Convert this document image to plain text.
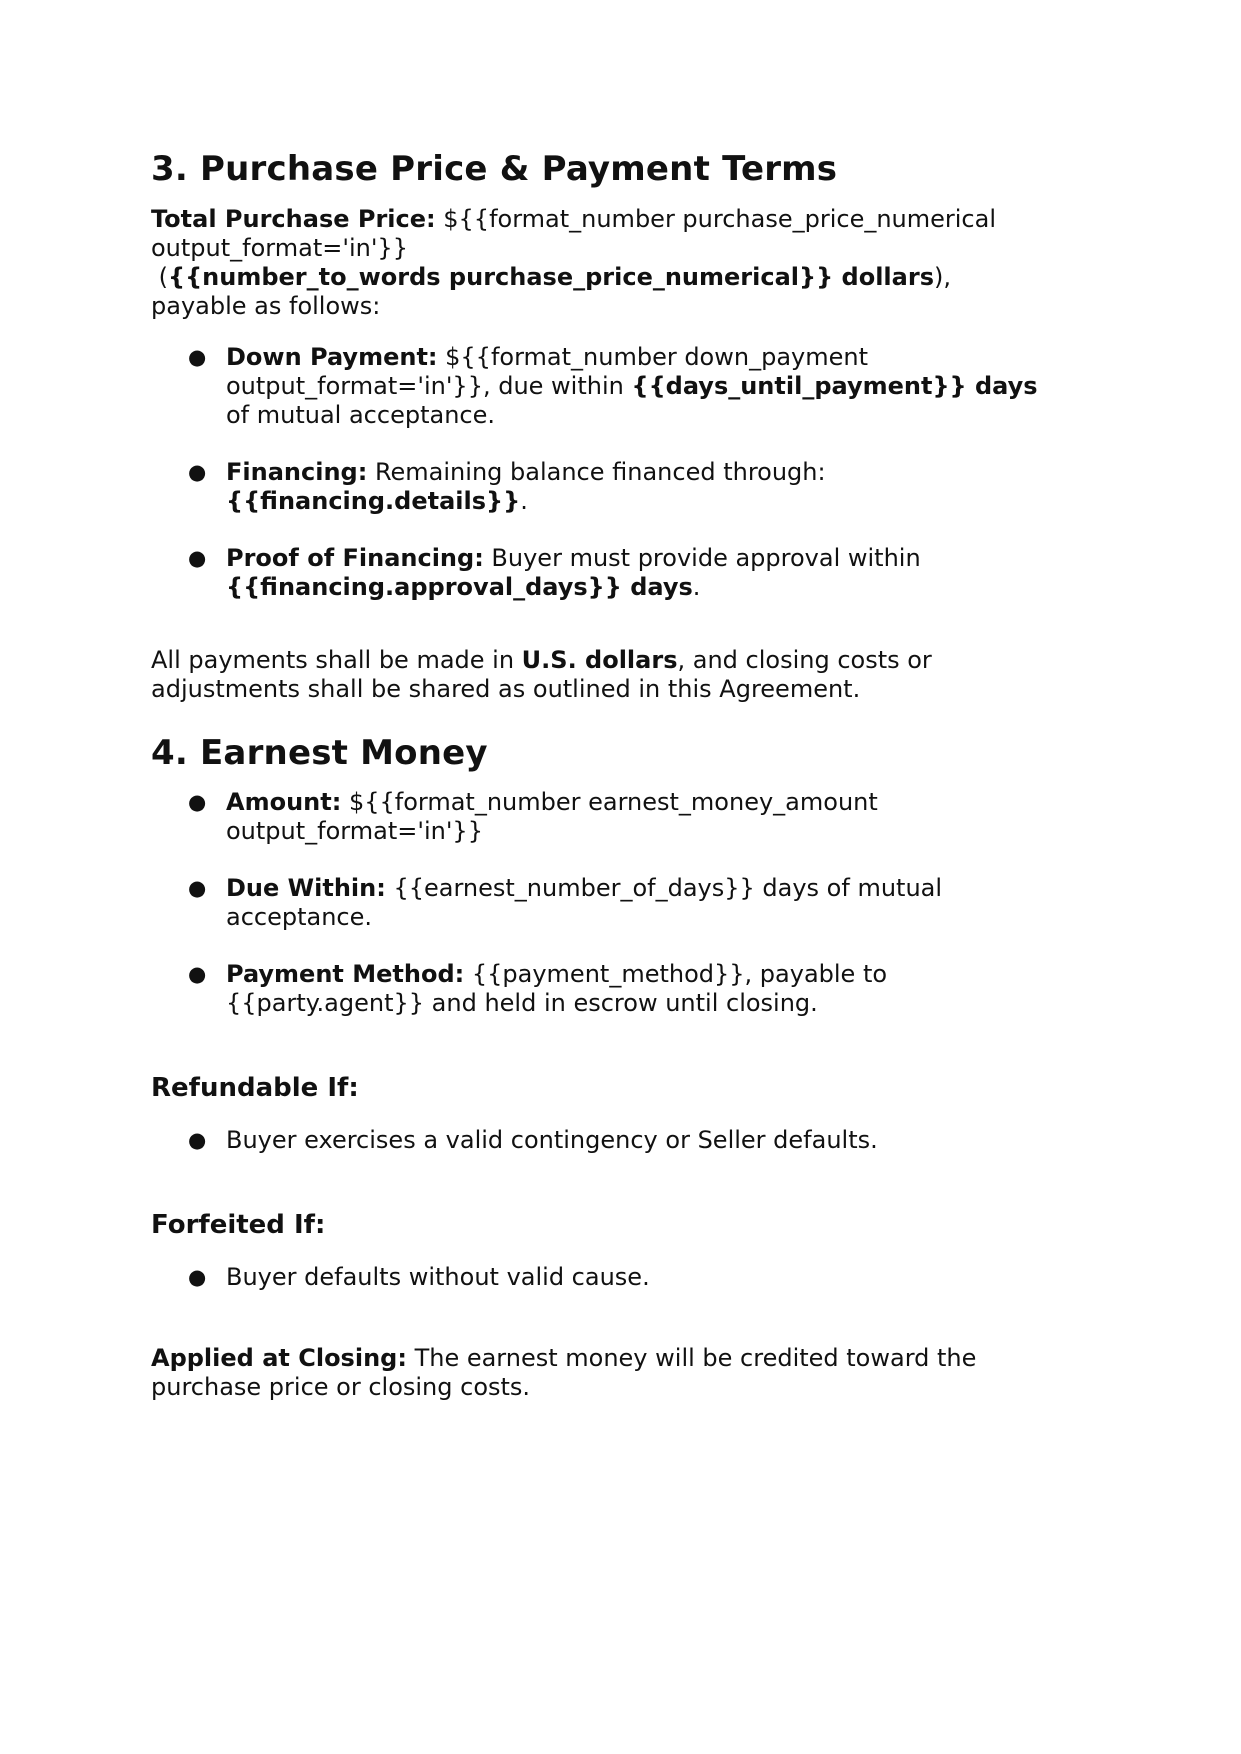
3. Purchase Price & Payment Terms

Total Purchase Price: ${{format_number purchase_price_numerical
output_format='in'}}
({{number_to_words purchase_price_numerical}} dollars),
payable as follows:

● Down Payment: ${{format_number down_payment
output_format='in'}}, due within {{days_until_payment}} days
of mutual acceptance.
● Financing: Remaining balance financed through:
{{financing.details}}.
● Proof of Financing: Buyer must provide approval within
{{financing.approval_days}} days.

All payments shall be made in U.S. dollars, and closing costs or
adjustments shall be shared as outlined in this Agreement.

4. Earnest Money
● Amount: ${{format_number earnest_money_amount
output_format='in'}}
● Due Within: {{earnest_number_of_days}} days of mutual
acceptance.
● Payment Method: {{payment_method}}, payable to
{{party.agent}} and held in escrow until closing.
Refundable If:
● Buyer exercises a valid contingency or Seller defaults.
Forfeited If:
● Buyer defaults without valid cause.

Applied at Closing: The earnest money will be credited toward the
purchase price or closing costs.
